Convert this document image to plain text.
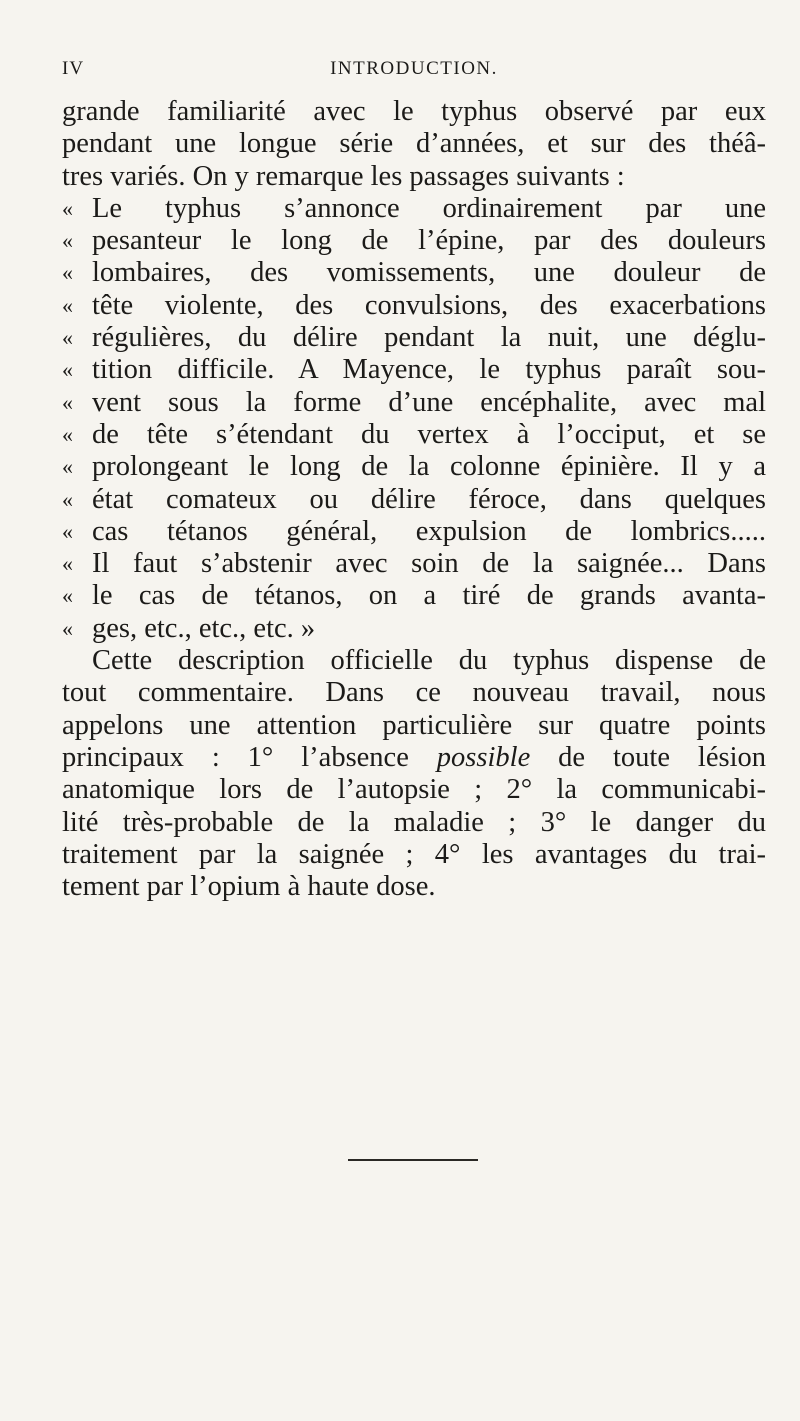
IV	INTRODUCTION.
grande familiarité avec le typhus observé par eux
pendant une longue série d’années, et sur des théâ-
tres variés. On y remarque les passages suivants :
« Le typhus s’annonce ordinairement par une
« pesanteur le long de l’épine, par des douleurs
« lombaires, des vomissements, une douleur de
« tête violente, des convulsions, des exacerbations
« régulières, du délire pendant la nuit, une déglu-
« tition difficile. A Mayence, le typhus paraît sou-
« vent sous la forme d’une encéphalite, avec mal
« de tête s’étendant du vertex à l’occiput, et se
« prolongeant le long de la colonne épinière. Il y a
« état comateux ou délire féroce, dans quelques
« cas tétanos général, expulsion de lombrics.....
« Il faut s’abstenir avec soin de la saignée... Dans
« le cas de tétanos, on a tiré de grands avanta-
« ges, etc., etc., etc. »
Cette description officielle du typhus dispense de
tout commentaire. Dans ce nouveau travail, nous
appelons une attention particulière sur quatre points
principaux : 1° l’absence possible de toute lésion
anatomique lors de l’autopsie ; 2° la communicabi-
lité très-probable de la maladie ; 3° le danger du
traitement par la saignée ; 4° les avantages du trai-
tement par l’opium à haute dose.
